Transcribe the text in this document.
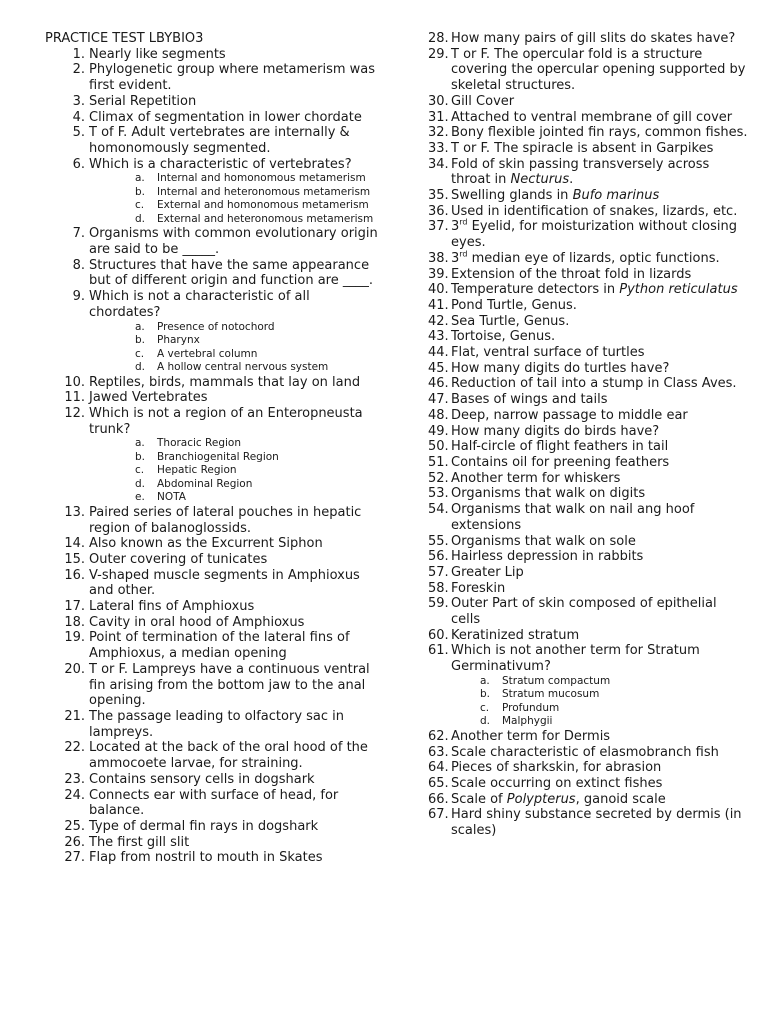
PRACTICE TEST LBYBIO3
1. Nearly like segments
2. Phylogenetic group where metamerism was first evident.
3. Serial Repetition
4. Climax of segmentation in lower chordate
5. T of F. Adult vertebrates are internally & homonomously segmented.
6. Which is a characteristic of vertebrates?
a. Internal and homonomous metamerism
b. Internal and heteronomous metamerism
c. External and homonomous metamerism
d. External and heteronomous metamerism
7. Organisms with common evolutionary origin are said to be _____.
8. Structures that have the same appearance but of different origin and function are ____.
9. Which is not a characteristic of all chordates?
a. Presence of notochord
b. Pharynx
c. A vertebral column
d. A hollow central nervous system
10. Reptiles, birds, mammals that lay on land
11. Jawed Vertebrates
12. Which is not a region of an Enteropneusta trunk?
a. Thoracic Region
b. Branchiogenital Region
c. Hepatic Region
d. Abdominal Region
e. NOTA
13. Paired series of lateral pouches in hepatic region of balanoglossids.
14. Also known as the Excurrent Siphon
15. Outer covering of tunicates
16. V-shaped muscle segments in Amphioxus and other.
17. Lateral fins of Amphioxus
18. Cavity in oral hood of Amphioxus
19. Point of termination of the lateral fins of Amphioxus, a median opening
20. T or F. Lampreys have a continuous ventral fin arising from the bottom jaw to the anal opening.
21. The passage leading to olfactory sac in lampreys.
22. Located at the back of the oral hood of the ammocoete larvae, for straining.
23. Contains sensory cells in dogshark
24. Connects ear with surface of head, for balance.
25. Type of dermal fin rays in dogshark
26. The first gill slit
27. Flap from nostril to mouth in Skates
28. How many pairs of gill slits do skates have?
29. T or F. The opercular fold is a structure covering the opercular opening supported by skeletal structures.
30. Gill Cover
31. Attached to ventral membrane of gill cover
32. Bony flexible jointed fin rays, common fishes.
33. T or F. The spiracle is absent in Garpikes
34. Fold of skin passing transversely across throat in Necturus.
35. Swelling glands in Bufo marinus
36. Used in identification of snakes, lizards, etc.
37. 3rd Eyelid, for moisturization without closing eyes.
38. 3rd median eye of lizards, optic functions.
39. Extension of the throat fold in lizards
40. Temperature detectors in Python reticulatus
41. Pond Turtle, Genus.
42. Sea Turtle, Genus.
43. Tortoise, Genus.
44. Flat, ventral surface of turtles
45. How many digits do turtles have?
46. Reduction of tail into a stump in Class Aves.
47. Bases of wings and tails
48. Deep, narrow passage to middle ear
49. How many digits do birds have?
50. Half-circle of flight feathers in tail
51. Contains oil for preening feathers
52. Another term for whiskers
53. Organisms that walk on digits
54. Organisms that walk on nail ang hoof extensions
55. Organisms that walk on sole
56. Hairless depression in rabbits
57. Greater Lip
58. Foreskin
59. Outer Part of skin composed of epithelial cells
60. Keratinized stratum
61. Which is not another term for Stratum Germinativum?
a. Stratum compactum
b. Stratum mucosum
c. Profundum
d. Malphygii
62. Another term for Dermis
63. Scale characteristic of elasmobranch fish
64. Pieces of sharkskin, for abrasion
65. Scale occurring on extinct fishes
66. Scale of Polypterus, ganoid scale
67. Hard shiny substance secreted by dermis (in scales)
